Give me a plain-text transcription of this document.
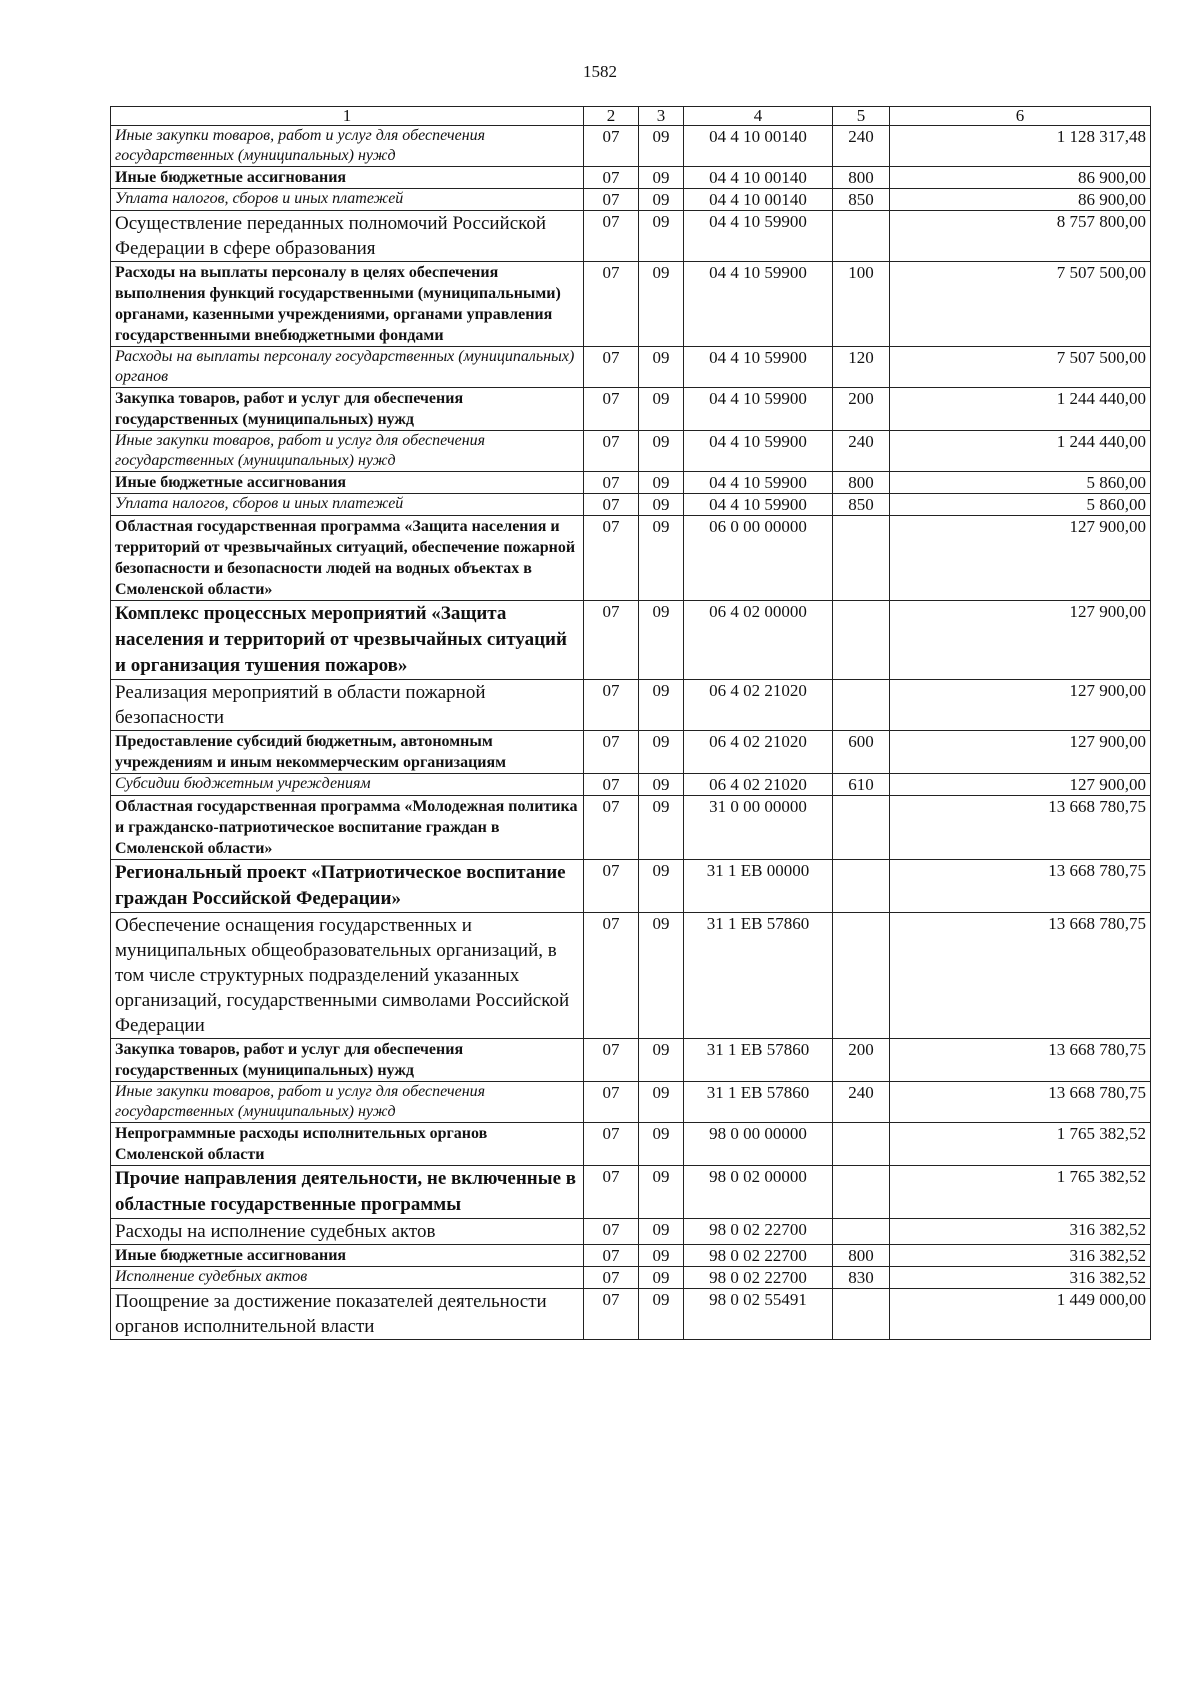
1582
1	2	3	4	5	6
Иные закупки товаров, работ и услуг для обеспечения государственных (муниципальных) нужд	07	09	04 4 10 00140	240	1 128 317,48
Иные бюджетные ассигнования	07	09	04 4 10 00140	800	86 900,00
Уплата налогов, сборов и иных платежей	07	09	04 4 10 00140	850	86 900,00
Осуществление переданных полномочий Российской Федерации в сфере образования	07	09	04 4 10 59900		8 757 800,00
Расходы на выплаты персоналу в целях обеспечения выполнения функций государственными (муниципальными) органами, казенными учреждениями, органами управления государственными внебюджетными фондами	07	09	04 4 10 59900	100	7 507 500,00
Расходы на выплаты персоналу государственных (муниципальных) органов	07	09	04 4 10 59900	120	7 507 500,00
Закупка товаров, работ и услуг для обеспечения государственных (муниципальных) нужд	07	09	04 4 10 59900	200	1 244 440,00
Иные закупки товаров, работ и услуг для обеспечения государственных (муниципальных) нужд	07	09	04 4 10 59900	240	1 244 440,00
Иные бюджетные ассигнования	07	09	04 4 10 59900	800	5 860,00
Уплата налогов, сборов и иных платежей	07	09	04 4 10 59900	850	5 860,00
Областная государственная программа «Защита населения и территорий от чрезвычайных ситуаций, обеспечение пожарной безопасности и безопасности людей на водных объектах в Смоленской области»	07	09	06 0 00 00000		127 900,00
Комплекс процессных мероприятий «Защита населения и территорий от чрезвычайных ситуаций и организация тушения пожаров»	07	09	06 4 02 00000		127 900,00
Реализация мероприятий в области пожарной безопасности	07	09	06 4 02 21020		127 900,00
Предоставление субсидий бюджетным, автономным учреждениям и иным некоммерческим организациям	07	09	06 4 02 21020	600	127 900,00
Субсидии бюджетным учреждениям	07	09	06 4 02 21020	610	127 900,00
Областная государственная программа «Молодежная политика и гражданско-патриотическое воспитание граждан в Смоленской области»	07	09	31 0 00 00000		13 668 780,75
Региональный проект «Патриотическое воспитание граждан Российской Федерации»	07	09	31 1 ЕВ 00000		13 668 780,75
Обеспечение оснащения государственных и муниципальных общеобразовательных организаций, в том числе структурных подразделений указанных организаций, государственными символами Российской Федерации	07	09	31 1 ЕВ 57860		13 668 780,75
Закупка товаров, работ и услуг для обеспечения государственных (муниципальных) нужд	07	09	31 1 ЕВ 57860	200	13 668 780,75
Иные закупки товаров, работ и услуг для обеспечения государственных (муниципальных) нужд	07	09	31 1 ЕВ 57860	240	13 668 780,75
Непрограммные расходы исполнительных органов Смоленской области	07	09	98 0 00 00000		1 765 382,52
Прочие направления деятельности, не включенные в областные государственные программы	07	09	98 0 02 00000		1 765 382,52
Расходы на исполнение судебных актов	07	09	98 0 02 22700		316 382,52
Иные бюджетные ассигнования	07	09	98 0 02 22700	800	316 382,52
Исполнение судебных актов	07	09	98 0 02 22700	830	316 382,52
Поощрение за достижение показателей деятельности органов исполнительной власти	07	09	98 0 02 55491		1 449 000,00
